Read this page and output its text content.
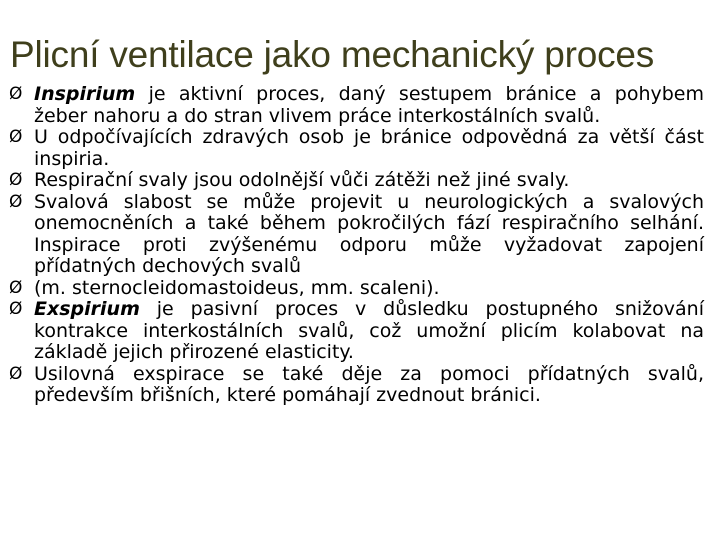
Plicní ventilace jako mechanický proces
Ø Inspirium je aktivní proces, daný sestupem bránice a pohybem žeber nahoru a do stran vlivem práce interkostálních svalů.
Ø U odpočívajících zdravých osob je bránice odpovědná za větší část inspiria.
Ø Respirační svaly jsou odolnější vůči zátěži než jiné svaly.
Ø Svalová slabost se může projevit u neurologických a svalových onemocněních a také během pokročilých fází respiračního selhání. Inspirace proti zvýšenému odporu může vyžadovat zapojení přídatných dechových svalů
Ø (m. sternocleidomastoideus, mm. scaleni).
Ø Exspirium je pasivní proces v důsledku postupného snižování kontrakce interkostálních svalů, což umožní plicím kolabovat na základě jejich přirozené elasticity.
Ø Usilovná exspirace se také děje za pomoci přídatných svalů, především břišních, které pomáhají zvednout bránici.
